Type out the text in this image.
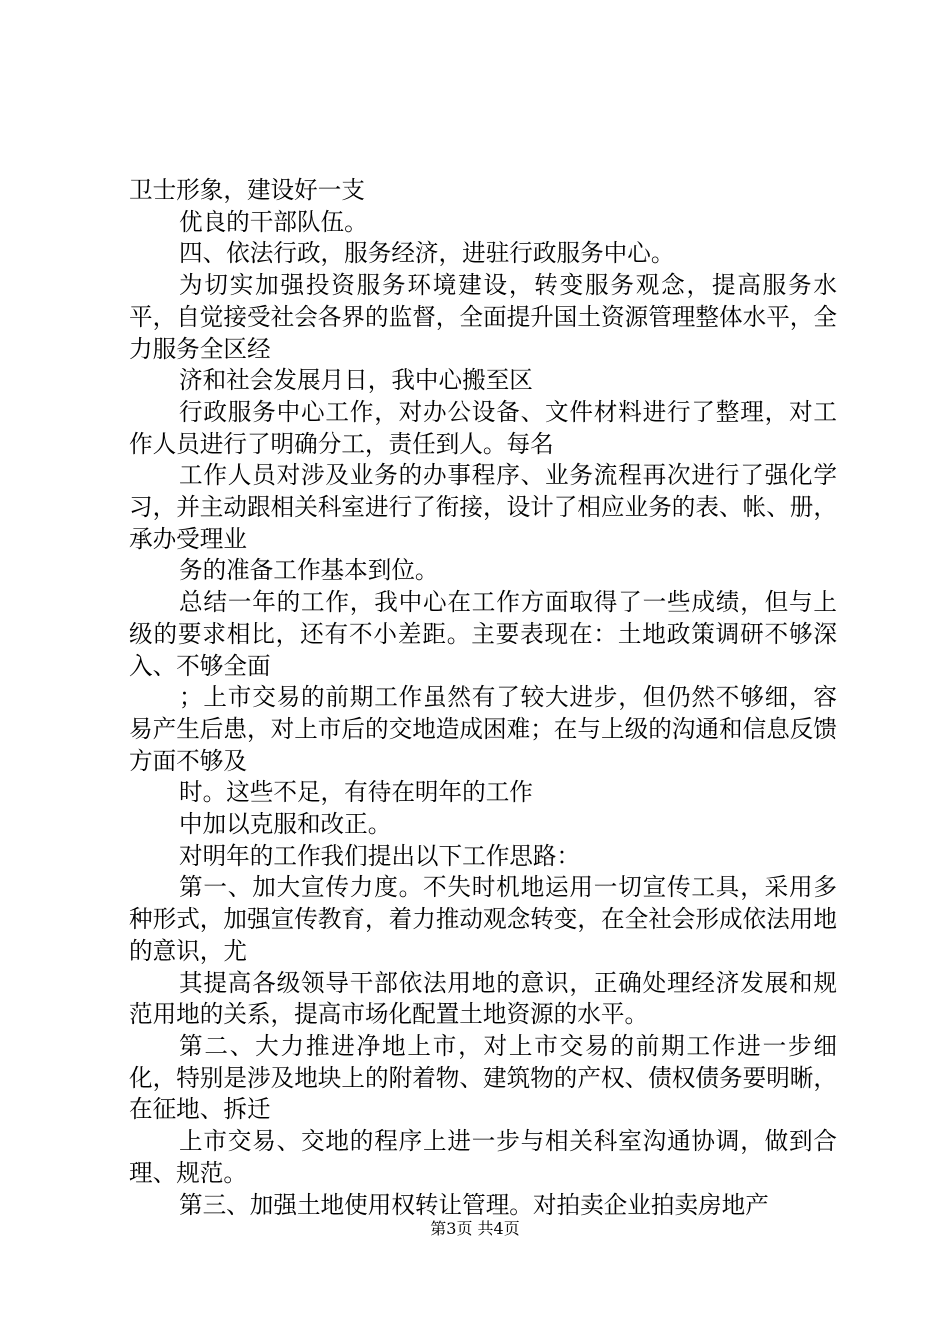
卫士形象，建设好一支

优良的干部队伍。

四、依法行政，服务经济，进驻行政服务中心。

为切实加强投资服务环境建设，转变服务观念，提高服务水平，自觉接受社会各界的监督，全面提升国土资源管理整体水平，全力服务全区经

济和社会发展月日，我中心搬至区

行政服务中心工作，对办公设备、文件材料进行了整理，对工作人员进行了明确分工，责任到人。每名

工作人员对涉及业务的办事程序、业务流程再次进行了强化学习，并主动跟相关科室进行了衔接，设计了相应业务的表、帐、册，承办受理业

务的准备工作基本到位。

总结一年的工作，我中心在工作方面取得了一些成绩，但与上级的要求相比，还有不小差距。主要表现在：土地政策调研不够深入、不够全面

；上市交易的前期工作虽然有了较大进步，但仍然不够细，容易产生后患，对上市后的交地造成困难；在与上级的沟通和信息反馈方面不够及

时。这些不足，有待在明年的工作

中加以克服和改正。

对明年的工作我们提出以下工作思路：

第一、加大宣传力度。不失时机地运用一切宣传工具，采用多种形式，加强宣传教育，着力推动观念转变，在全社会形成依法用地的意识，尤

其提高各级领导干部依法用地的意识，正确处理经济发展和规范用地的关系，提高市场化配置土地资源的水平。

第二、大力推进净地上市，对上市交易的前期工作进一步细化，特别是涉及地块上的附着物、建筑物的产权、债权债务要明晰，在征地、拆迁

上市交易、交地的程序上进一步与相关科室沟通协调，做到合理、规范。

第三、加强土地使用权转让管理。对拍卖企业拍卖房地产

第3页 共4页
